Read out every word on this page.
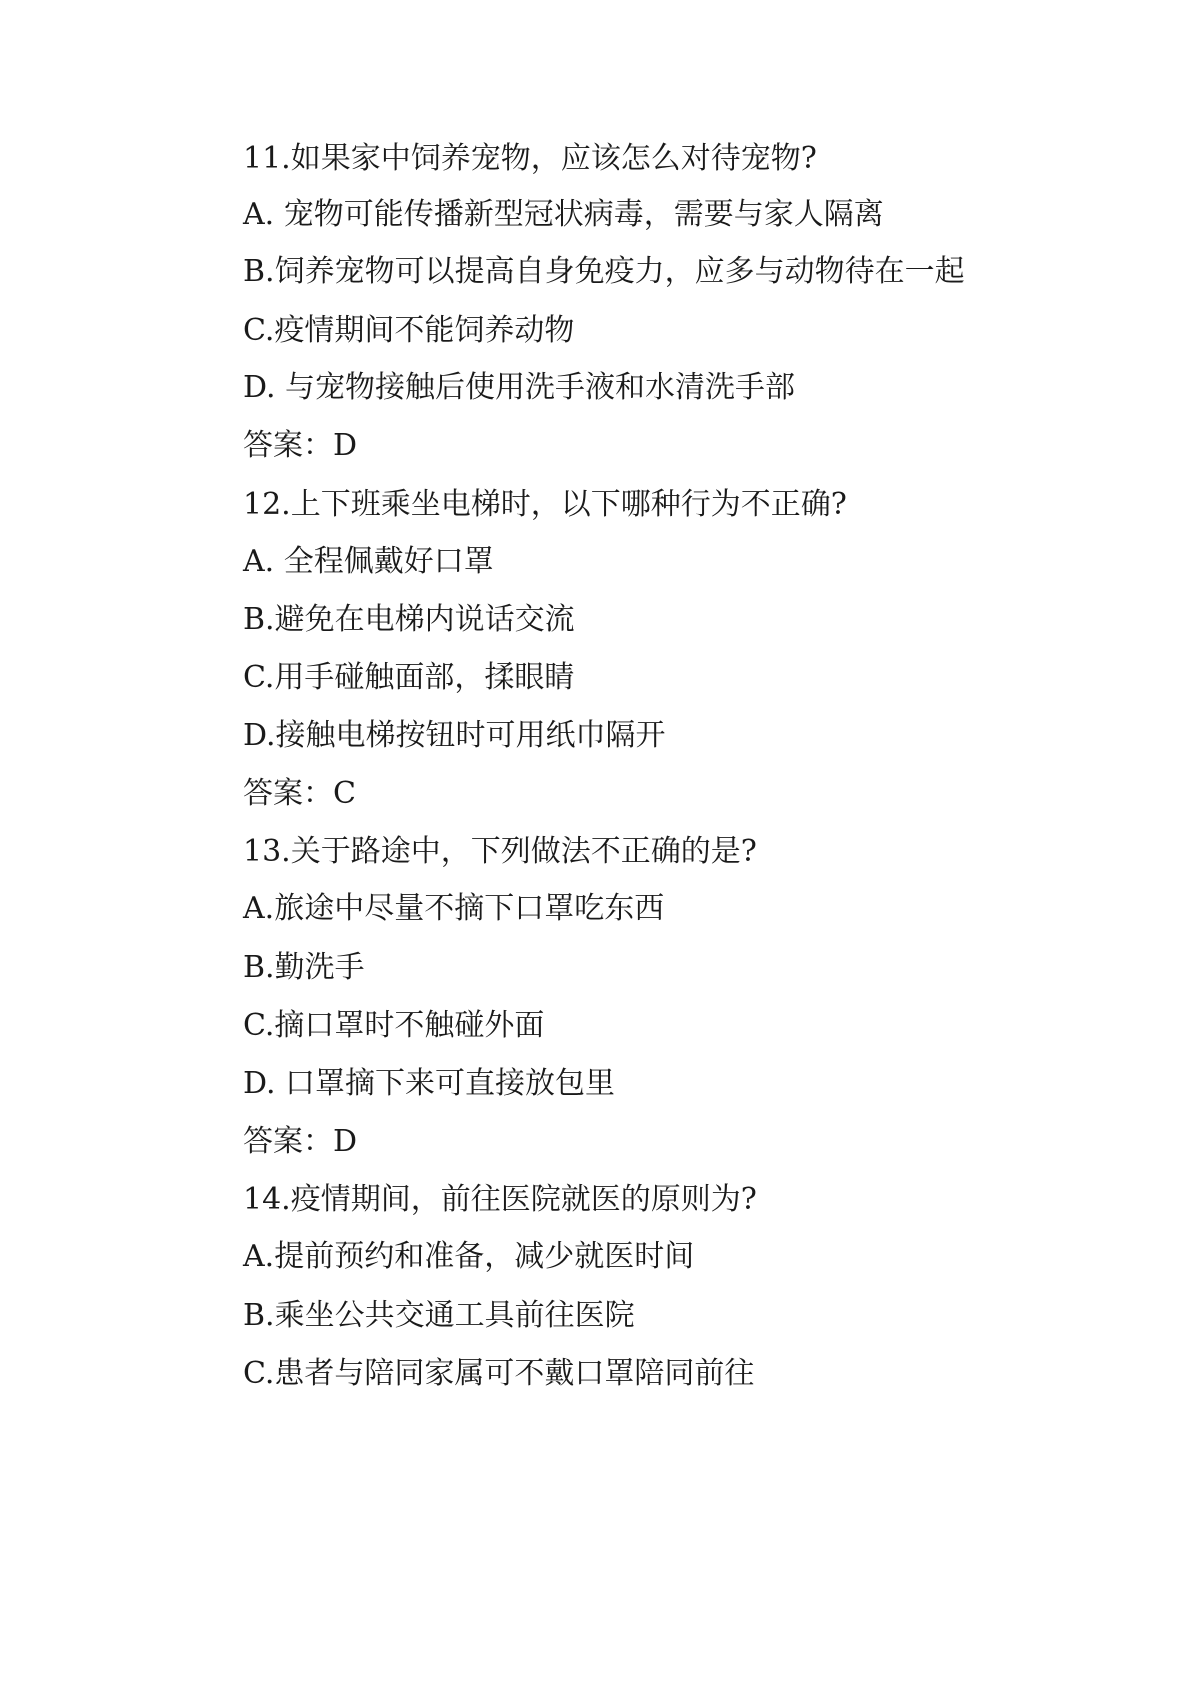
11.如果家中饲养宠物，应该怎么对待宠物?
A. 宠物可能传播新型冠状病毒，需要与家人隔离
B.饲养宠物可以提高自身免疫力，应多与动物待在一起
C.疫情期间不能饲养动物
D. 与宠物接触后使用洗手液和水清洗手部
答案：D
12.上下班乘坐电梯时，以下哪种行为不正确?
A. 全程佩戴好口罩
B.避免在电梯内说话交流
C.用手碰触面部，揉眼睛
D.接触电梯按钮时可用纸巾隔开
答案：C
13.关于路途中，下列做法不正确的是?
A.旅途中尽量不摘下口罩吃东西
B.勤洗手
C.摘口罩时不触碰外面
D. 口罩摘下来可直接放包里
答案：D
14.疫情期间，前往医院就医的原则为?
A.提前预约和准备，减少就医时间
B.乘坐公共交通工具前往医院
C.患者与陪同家属可不戴口罩陪同前往
